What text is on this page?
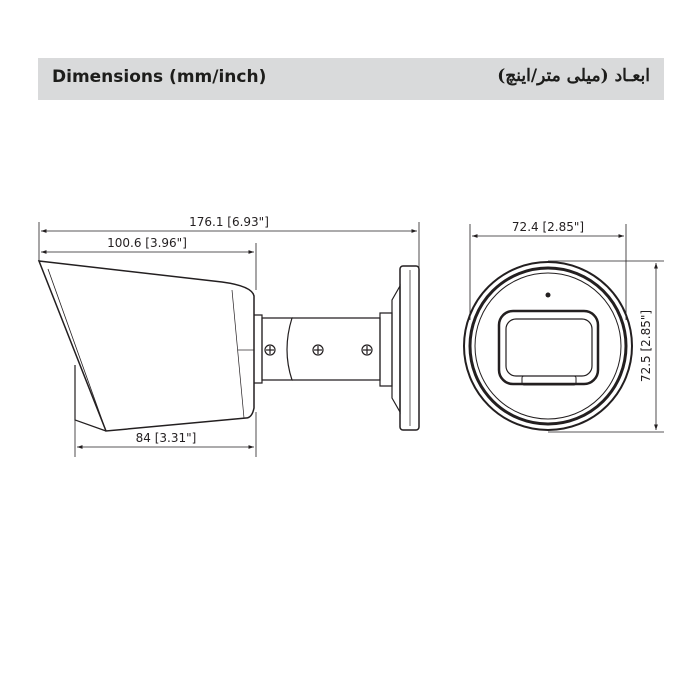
Dimensions (mm/inch)	ابعـاد (میلی متر/اینچ)
176.1 [6.93"]
100.6 [3.96"]
84 [3.31"]
72.4 [2.85"]
72.5 [2.85"]
